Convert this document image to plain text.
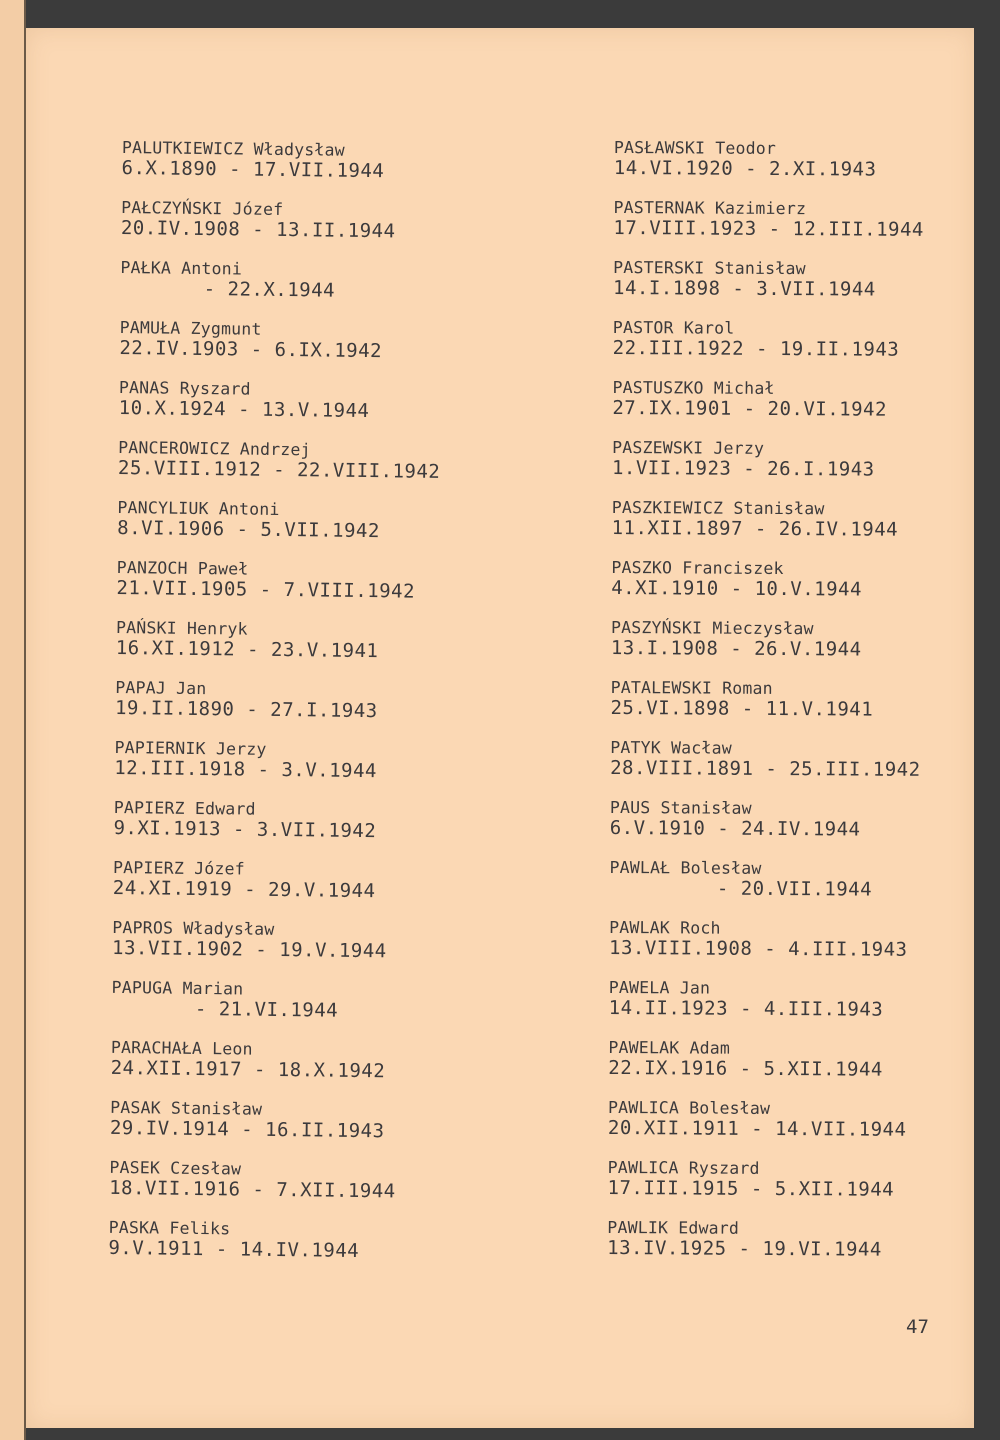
PALUTKIEWICZ Władysław
6.X.1890 - 17.VII.1944
PAŁCZYŃSKI Józef
20.IV.1908 - 13.II.1944
PAŁKA Antoni
- 22.X.1944
PAMUŁA Zygmunt
22.IV.1903 - 6.IX.1942
PANAS Ryszard
10.X.1924 - 13.V.1944
PANCEROWICZ Andrzej
25.VIII.1912 - 22.VIII.1942
PANCYLIUK Antoni
8.VI.1906 - 5.VII.1942
PANZOCH Paweł
21.VII.1905 - 7.VIII.1942
PAŃSKI Henryk
16.XI.1912 - 23.V.1941
PAPAJ Jan
19.II.1890 - 27.I.1943
PAPIERNIK Jerzy
12.III.1918 - 3.V.1944
PAPIERZ Edward
9.XI.1913 - 3.VII.1942
PAPIERZ Józef
24.XI.1919 - 29.V.1944
PAPROS Władysław
13.VII.1902 - 19.V.1944
PAPUGA Marian
- 21.VI.1944
PARACHAŁA Leon
24.XII.1917 - 18.X.1942
PASAK Stanisław
29.IV.1914 - 16.II.1943
PASEK Czesław
18.VII.1916 - 7.XII.1944
PASKA Feliks
9.V.1911 - 14.IV.1944
PASŁAWSKI Teodor
14.VI.1920 - 2.XI.1943
PASTERNAK Kazimierz
17.VIII.1923 - 12.III.1944
PASTERSKI Stanisław
14.I.1898 - 3.VII.1944
PASTOR Karol
22.III.1922 - 19.II.1943
PASTUSZKO Michał
27.IX.1901 - 20.VI.1942
PASZEWSKI Jerzy
1.VII.1923 - 26.I.1943
PASZKIEWICZ Stanisław
11.XII.1897 - 26.IV.1944
PASZKO Franciszek
4.XI.1910 - 10.V.1944
PASZYŃSKI Mieczysław
13.I.1908 - 26.V.1944
PATALEWSKI Roman
25.VI.1898 - 11.V.1941
PATYK Wacław
28.VIII.1891 - 25.III.1942
PAUS Stanisław
6.V.1910 - 24.IV.1944
PAWLAŁ Bolesław
- 20.VII.1944
PAWLAK Roch
13.VIII.1908 - 4.III.1943
PAWELA Jan
14.II.1923 - 4.III.1943
PAWELAK Adam
22.IX.1916 - 5.XII.1944
PAWLICA Bolesław
20.XII.1911 - 14.VII.1944
PAWLICA Ryszard
17.III.1915 - 5.XII.1944
PAWLIK Edward
13.IV.1925 - 19.VI.1944
47
